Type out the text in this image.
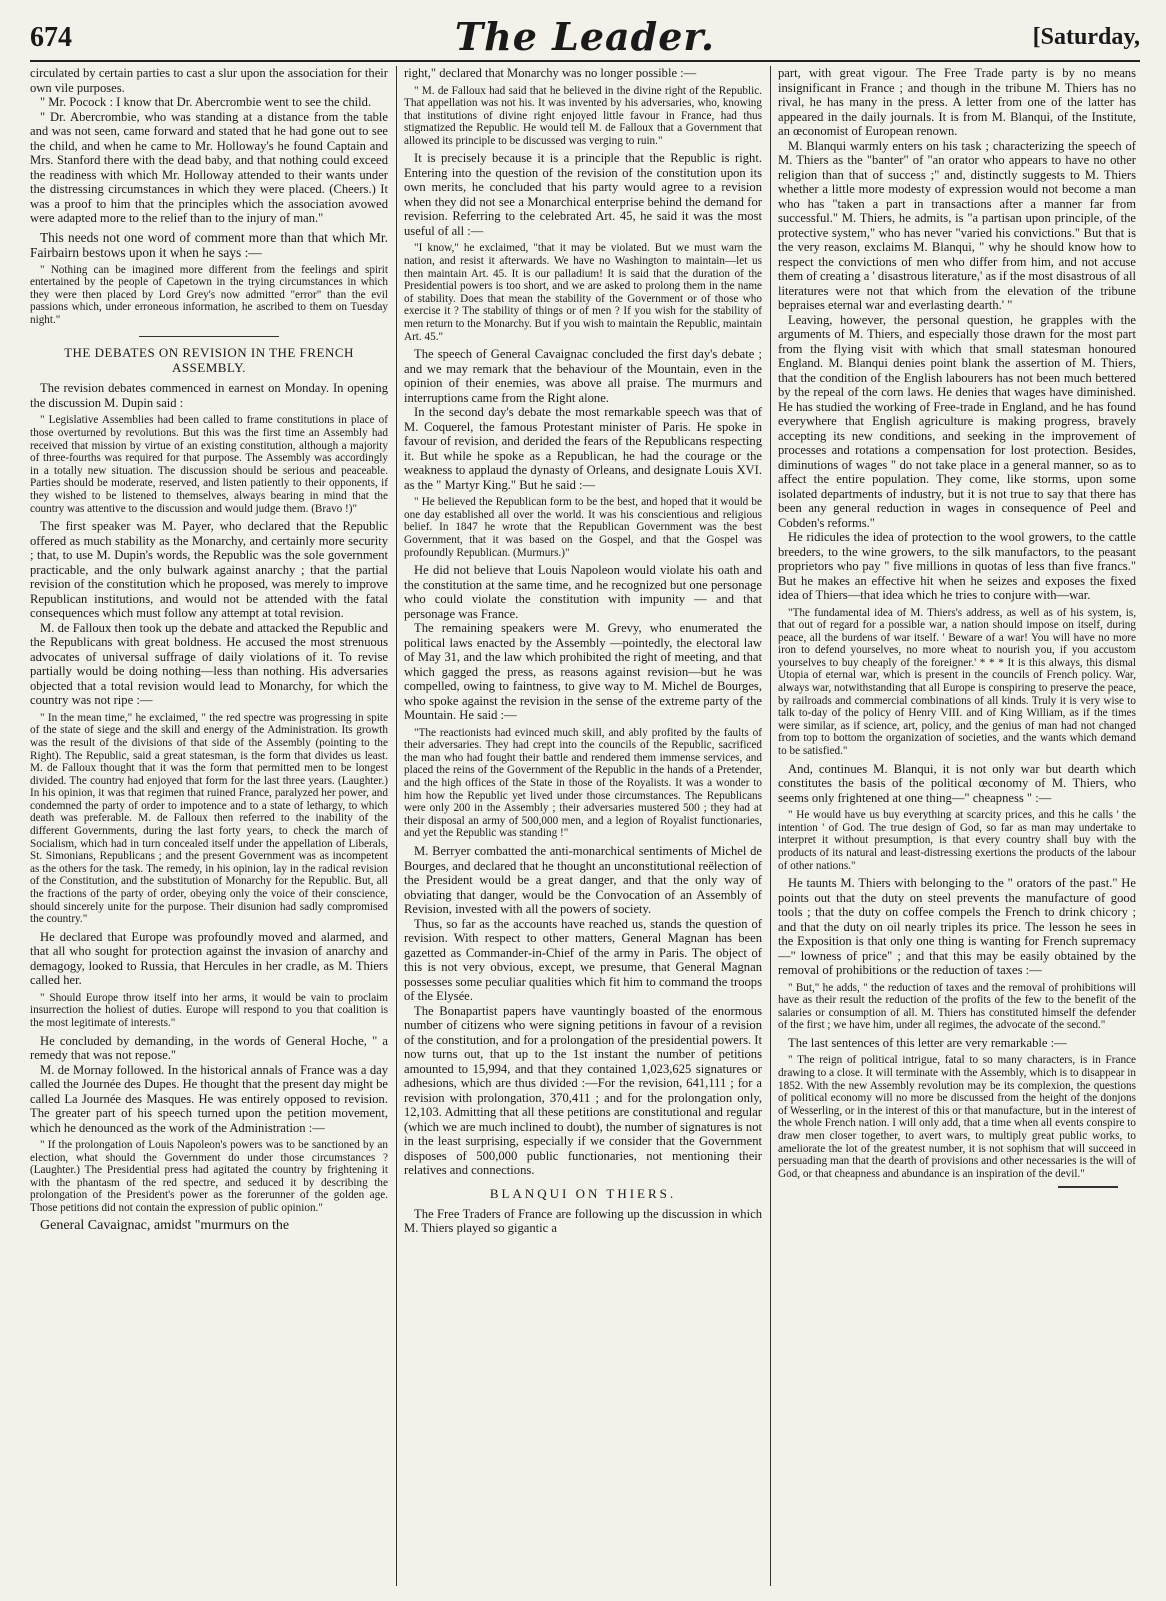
674	The Leader.	[Saturday,

circulated by certain parties to cast a slur upon the association for their own vile purposes.

" Mr. Pocock : I know that Dr. Abercrombie went to see the child.

" Dr. Abercrombie, who was standing at a distance from the table and was not seen, came forward and stated that he had gone out to see the child, and when he came to Mr. Holloway's he found Captain and Mrs. Stanford there with the dead baby, and that nothing could exceed the readiness with which Mr. Holloway attended to their wants under the distressing circumstances in which they were placed. (Cheers.) It was a proof to him that the principles which the association avowed were adapted more to the relief than to the injury of man."

This needs not one word of comment more than that which Mr. Fairbairn bestows upon it when he says :—

" Nothing can be imagined more different from the feelings and spirit entertained by the people of Capetown in the trying circumstances in which they were then placed by Lord Grey's now admitted "error" than the evil passions which, under erroneous information, he ascribed to them on Tuesday night."

THE DEBATES ON REVISION IN THE FRENCH ASSEMBLY.

The revision debates commenced in earnest on Monday. In opening the discussion M. Dupin said :

" Legislative Assemblies had been called to frame constitutions in place of those overturned by revolutions. But this was the first time an Assembly had received that mission by virtue of an existing constitution, although a majority of three-fourths was required for that purpose. The Assembly was accordingly in a totally new situation. The discussion should be serious and peaceable. Parties should be moderate, reserved, and listen patiently to their opponents, if they wished to be listened to themselves, always bearing in mind that the country was attentive to the discussion and would judge them. (Bravo !)"

The first speaker was M. Payer, who declared that the Republic offered as much stability as the Monarchy, and certainly more security ; that, to use M. Dupin's words, the Republic was the sole government practicable, and the only bulwark against anarchy ; that the partial revision of the constitution which he proposed, was merely to improve Republican institutions, and would not be attended with the fatal consequences which must follow any attempt at total revision.

M. de Falloux then took up the debate and attacked the Republic and the Republicans with great boldness. He accused the most strenuous advocates of universal suffrage of daily violations of it. To revise partially would be doing nothing—less than nothing. His adversaries objected that a total revision would lead to Monarchy, for which the country was not ripe :—

" In the mean time," he exclaimed, " the red spectre was progressing in spite of the state of siege and the skill and energy of the Administration. Its growth was the result of the divisions of that side of the Assembly (pointing to the Right). The Republic, said a great statesman, is the form that divides us least. M. de Falloux thought that it was the form that permitted men to be longest divided. The country had enjoyed that form for the last three years. (Laughter.) In his opinion, it was that regimen that ruined France, paralyzed her power, and condemned the party of order to impotence and to a state of lethargy, to which death was preferable. M. de Falloux then referred to the inability of the different Governments, during the last forty years, to check the march of Socialism, which had in turn concealed itself under the appellation of Liberals, St. Simonians, Republicans ; and the present Government was as incompetent as the others for the task. The remedy, in his opinion, lay in the radical revision of the Constitution, and the substitution of Monarchy for the Republic. But, all the fractions of the party of order, obeying only the voice of their conscience, should sincerely unite for the purpose. Their disunion had sadly compromised the country."

He declared that Europe was profoundly moved and alarmed, and that all who sought for protection against the invasion of anarchy and demagogy, looked to Russia, that Hercules in her cradle, as M. Thiers called her.

" Should Europe throw itself into her arms, it would be vain to proclaim insurrection the holiest of duties. Europe will respond to you that coalition is the most legitimate of interests."

He concluded by demanding, in the words of General Hoche, " a remedy that was not repose."

M. de Mornay followed. In the historical annals of France was a day called the Journée des Dupes. He thought that the present day might be called La Journée des Masques. He was entirely opposed to revision. The greater part of his speech turned upon the petition movement, which he denounced as the work of the Administration :—

" If the prolongation of Louis Napoleon's powers was to be sanctioned by an election, what should the Government do under those circumstances ? (Laughter.) The Presidential press had agitated the country by frightening it with the phantasm of the red spectre, and seduced it by describing the prolongation of the President's power as the forerunner of the golden age. Those petitions did not contain the expression of public opinion."

General Cavaignac, amidst "murmurs on the

right," declared that Monarchy was no longer possible :—

" M. de Falloux had said that he believed in the divine right of the Republic. That appellation was not his. It was invented by his adversaries, who, knowing that institutions of divine right enjoyed little favour in France, had thus stigmatized the Republic. He would tell M. de Falloux that a Government that allowed its principle to be discussed was verging to ruin."

It is precisely because it is a principle that the Republic is right. Entering into the question of the revision of the constitution upon its own merits, he concluded that his party would agree to a revision when they did not see a Monarchical enterprise behind the demand for revision. Referring to the celebrated Art. 45, he said it was the most useful of all :—

"I know," he exclaimed, "that it may be violated. But we must warn the nation, and resist it afterwards. We have no Washington to maintain—let us then maintain Art. 45. It is our palladium! It is said that the duration of the Presidential powers is too short, and we are asked to prolong them in the name of stability. Does that mean the stability of the Government or of those who exercise it ? The stability of things or of men ? If you wish for the stability of men return to the Monarchy. But if you wish to maintain the Republic, maintain Art. 45."

The speech of General Cavaignac concluded the first day's debate ; and we may remark that the behaviour of the Mountain, even in the opinion of their enemies, was above all praise. The murmurs and interruptions came from the Right alone.

In the second day's debate the most remarkable speech was that of M. Coquerel, the famous Protestant minister of Paris. He spoke in favour of revision, and derided the fears of the Republicans respecting it. But while he spoke as a Republican, he had the courage or the weakness to applaud the dynasty of Orleans, and designate Louis XVI. as the " Martyr King." But he said :—

" He believed the Republican form to be the best, and hoped that it would be one day established all over the world. It was his conscientious and religious belief. In 1847 he wrote that the Republican Government was the best Government, that it was based on the Gospel, and that the Gospel was profoundly Republican. (Murmurs.)"

He did not believe that Louis Napoleon would violate his oath and the constitution at the same time, and he recognized but one personage who could violate the constitution with impunity — and that personage was France.

The remaining speakers were M. Grevy, who enumerated the political laws enacted by the Assembly —pointedly, the electoral law of May 31, and the law which prohibited the right of meeting, and that which gagged the press, as reasons against revision—but he was compelled, owing to faintness, to give way to M. Michel de Bourges, who spoke against the revision in the sense of the extreme party of the Mountain. He said :—

"The reactionists had evinced much skill, and ably profited by the faults of their adversaries. They had crept into the councils of the Republic, sacrificed the man who had fought their battle and rendered them immense services, and placed the reins of the Government of the Republic in the hands of a Pretender, and the high offices of the State in those of the Royalists. It was a wonder to him how the Republic yet lived under those circumstances. The Republicans were only 200 in the Assembly ; their adversaries mustered 500 ; they had at their disposal an army of 500,000 men, and a legion of Royalist functionaries, and yet the Republic was standing !"

M. Berryer combatted the anti-monarchical sentiments of Michel de Bourges, and declared that he thought an unconstitutional reëlection of the President would be a great danger, and that the only way of obviating that danger, would be the Convocation of an Assembly of Revision, invested with all the powers of society.

Thus, so far as the accounts have reached us, stands the question of revision. With respect to other matters, General Magnan has been gazetted as Commander-in-Chief of the army in Paris. The object of this is not very obvious, except, we presume, that General Magnan possesses some peculiar qualities which fit him to command the troops of the Elysée.

The Bonapartist papers have vauntingly boasted of the enormous number of citizens who were signing petitions in favour of a revision of the constitution, and for a prolongation of the presidential powers. It now turns out, that up to the 1st instant the number of petitions amounted to 15,994, and that they contained 1,023,625 signatures or adhesions, which are thus divided :—For the revision, 641,111 ; for a revision with prolongation, 370,411 ; and for the prolongation only, 12,103. Admitting that all these petitions are constitutional and regular (which we are much inclined to doubt), the number of signatures is not in the least surprising, especially if we consider that the Government disposes of 500,000 public functionaries, not mentioning their relatives and connections.

BLANQUI ON THIERS.

The Free Traders of France are following up the discussion in which M. Thiers played so gigantic a

part, with great vigour. The Free Trade party is by no means insignificant in France ; and though in the tribune M. Thiers has no rival, he has many in the press. A letter from one of the latter has appeared in the daily journals. It is from M. Blanqui, of the Institute, an œconomist of European renown.

M. Blanqui warmly enters on his task ; characterizing the speech of M. Thiers as the "banter" of "an orator who appears to have no other religion than that of success ;" and, distinctly suggests to M. Thiers whether a little more modesty of expression would not become a man who has "taken a part in transactions after a manner far from successful." M. Thiers, he admits, is "a partisan upon principle, of the protective system," who has never "varied his convictions." But that is the very reason, exclaims M. Blanqui, " why he should know how to respect the convictions of men who differ from him, and not accuse them of creating a ' disastrous literature,' as if the most disastrous of all literatures were not that which from the elevation of the tribune bepraises eternal war and everlasting dearth.' "

Leaving, however, the personal question, he grapples with the arguments of M. Thiers, and especially those drawn for the most part from the flying visit with which that small statesman honoured England. M. Blanqui denies point blank the assertion of M. Thiers, that the condition of the English labourers has not been much bettered by the repeal of the corn laws. He denies that wages have diminished. He has studied the working of Free-trade in England, and he has found everywhere that English agriculture is making progress, bravely accepting its new conditions, and seeking in the improvement of processes and rotations a compensation for lost protection. Besides, diminutions of wages " do not take place in a general manner, so as to affect the entire population. They come, like storms, upon some isolated departments of industry, but it is not true to say that there has been any general reduction in wages in consequence of Peel and Cobden's reforms."

He ridicules the idea of protection to the wool growers, to the cattle breeders, to the wine growers, to the silk manufactors, to the peasant proprietors who pay " five millions in quotas of less than five francs." But he makes an effective hit when he seizes and exposes the fixed idea of Thiers—that idea which he tries to conjure with—war.

"The fundamental idea of M. Thiers's address, as well as of his system, is, that out of regard for a possible war, a nation should impose on itself, during peace, all the burdens of war itself. ' Beware of a war! You will have no more iron to defend yourselves, no more wheat to nourish you, if you accustom yourselves to buy cheaply of the foreigner.' * * * It is this always, this dismal Utopia of eternal war, which is present in the councils of French policy. War, always war, notwithstanding that all Europe is conspiring to preserve the peace, by railroads and commercial combinations of all kinds. Truly it is very wise to talk to-day of the policy of Henry VIII. and of King William, as if the times were similar, as if science, art, policy, and the genius of man had not changed from top to bottom the organization of societies, and the wants which demand to be satisfied."

And, continues M. Blanqui, it is not only war but dearth which constitutes the basis of the political œconomy of M. Thiers, who seems only frightened at one thing—" cheapness " :—

" He would have us buy everything at scarcity prices, and this he calls ' the intention ' of God. The true design of God, so far as man may undertake to interpret it without presumption, is that every country shall buy with the products of its natural and least-distressing exertions the products of the labour of other nations."

He taunts M. Thiers with belonging to the " orators of the past." He points out that the duty on steel prevents the manufacture of good tools ; that the duty on coffee compels the French to drink chicory ; and that the duty on oil nearly triples its price. The lesson he sees in the Exposition is that only one thing is wanting for French supremacy—" lowness of price" ; and that this may be easily obtained by the removal of prohibitions or the reduction of taxes :—

" But," he adds, " the reduction of taxes and the removal of prohibitions will have as their result the reduction of the profits of the few to the benefit of the salaries or consumption of all. M. Thiers has constituted himself the defender of the first ; we have him, under all regimes, the advocate of the second."

The last sentences of this letter are very remarkable :—

" The reign of political intrigue, fatal to so many characters, is in France drawing to a close. It will terminate with the Assembly, which is to disappear in 1852. With the new Assembly revolution may be its complexion, the questions of political economy will no more be discussed from the height of the donjons of Wesserling, or in the interest of this or that manufacture, but in the interest of the whole French nation. I will only add, that a time when all events conspire to draw men closer together, to avert wars, to multiply great public works, to ameliorate the lot of the greatest number, it is not sophism that will succeed in persuading man that the dearth of provisions and other necessaries is the will of God, or that cheapness and abundance is an inspiration of the devil."
